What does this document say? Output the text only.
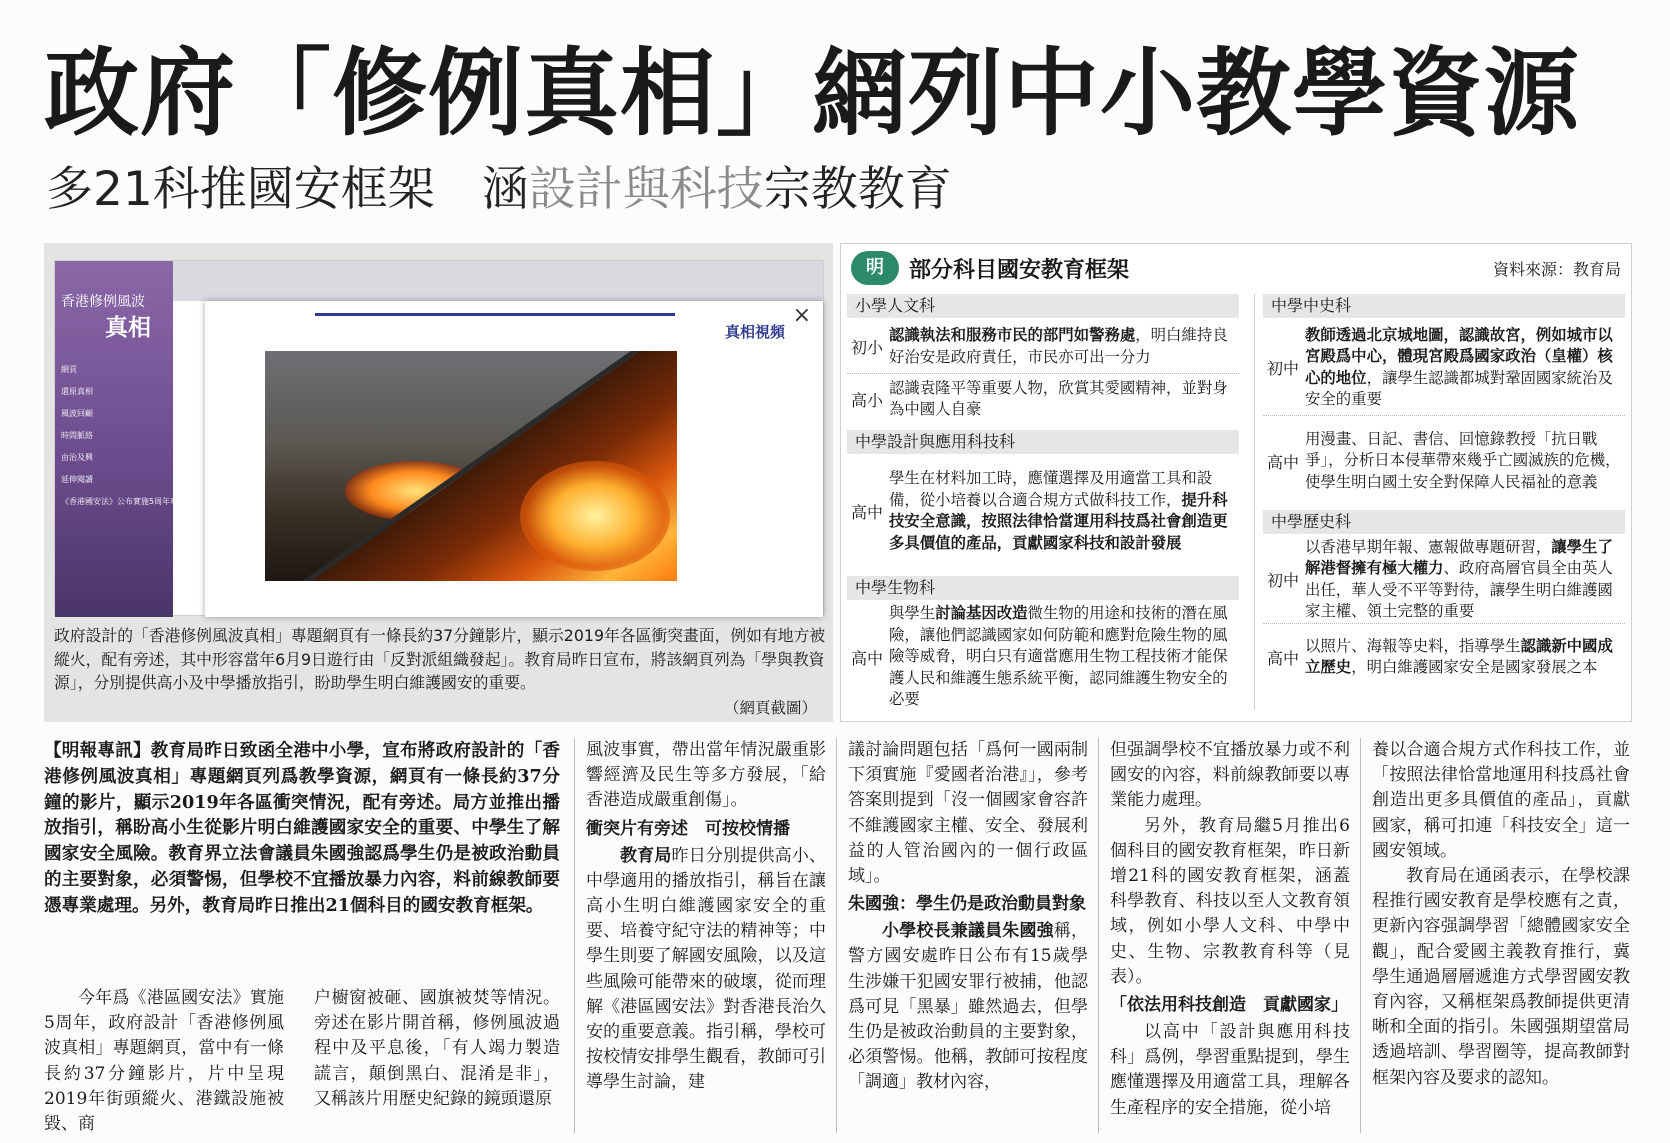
政府「修例真相」網列中小教學資源
多21科推國安框架　涵設計與科技宗教教育
香港修例風波
真相
網頁
還原真相
風波回顧
時間脈絡
由治及興
延伸閱讀
《香港國安法》公布實施5周年專題展覽
真相視頻
×
政府設計的「香港修例風波真相」專題網頁有一條長約37分鐘影片，顯示2019年各區衝突畫面，例如有地方被縱火，配有旁述，其中形容當年6月9日遊行由「反對派組織發起」。教育局昨日宣布，將該網頁列為「學與教資源」，分別提供高小及中學播放指引，盼助學生明白維護國安的重要。
（網頁截圖）
明	部分科目國安教育框架	資料來源：教育局
小學人文科
初小
認識執法和服務市民的部門如警務處，明白維持良好治安是政府責任，市民亦可出一分力
高小
認識袁隆平等重要人物，欣賞其愛國精神，並對身為中國人自豪
中學設計與應用科技科
高中
學生在材料加工時，應懂選擇及用適當工具和設備，從小培養以合適合規方式做科技工作，提升科技安全意識，按照法律恰當運用科技爲社會創造更多具價值的產品，貢獻國家科技和設計發展
中學生物科
高中
與學生討論基因改造微生物的用途和技術的潛在風險，讓他們認識國家如何防範和應對危險生物的風險等威脅，明白只有適當應用生物工程技術才能保護人民和維護生態系統平衡，認同維護生物安全的必要
中學中史科
初中
教師透過北京城地圖，認識故宮，例如城市以宮殿爲中心，體現宮殿爲國家政治（皇權）核心的地位，讓學生認識都城對鞏固國家統治及安全的重要
高中
用漫畫、日記、書信、回憶錄教授「抗日戰爭」，分析日本侵華帶來幾乎亡國滅族的危機，使學生明白國土安全對保障人民福祉的意義
中學歷史科
初中
以香港早期年報、憲報做專題研習，讓學生了解港督擁有極大權力、政府高層官員全由英人出任，華人受不平等對待，讓學生明白維護國家主權、領土完整的重要
高中
以照片、海報等史料，指導學生認識新中國成立歷史，明白維護國家安全是國家發展之本
【明報專訊】教育局昨日致函全港中小學，宣布將政府設計的「香港修例風波真相」專題網頁列爲教學資源，網頁有一條長約37分鐘的影片，顯示2019年各區衝突情況，配有旁述。局方並推出播放指引，稱盼高小生從影片明白維護國家安全的重要、中學生了解國家安全風險。教育界立法會議員朱國強認爲學生仍是被政治動員的主要對象，必須警惕，但學校不宜播放暴力內容，料前線教師要憑專業處理。另外，教育局昨日推出21個科目的國安教育框架。

今年爲《港區國安法》實施5周年，政府設計「香港修例風波真相」專題網頁，當中有一條長約37分鐘影片，片中呈現2019年街頭縱火、港鐵設施被毀、商

户櫥窗被砸、國旗被焚等情況。旁述在影片開首稱，修例風波過程中及平息後，「有人竭力製造謊言，顛倒黑白、混淆是非」，又稱該片用歷史紀錄的鏡頭還原

風波事實，帶出當年情況嚴重影響經濟及民生等多方發展，「給香港造成嚴重創傷」。

衝突片有旁述　可按校情播

教育局昨日分別提供高小、中學適用的播放指引，稱旨在讓高小生明白維護國家安全的重要、培養守紀守法的精神等；中學生則要了解國安風險，以及這些風險可能帶來的破壞，從而理解《港區國安法》對香港長治久安的重要意義。指引稱，學校可按校情安排學生觀看，教師可引導學生討論，建

議討論問題包括「爲何一國兩制下須實施『愛國者治港』」，參考答案則提到「沒一個國家會容許不維護國家主權、安全、發展利益的人管治國內的一個行政區域」。

朱國強：學生仍是政治動員對象

小學校長兼議員朱國強稱，警方國安處昨日公布有15歲學生涉嫌干犯國安罪行被捕，他認爲可見「黑暴」雖然過去，但學生仍是被政治動員的主要對象，必須警惕。他稱，教師可按程度「調適」教材內容，

但强調學校不宜播放暴力或不利國安的內容，料前線教師要以專業能力處理。

另外，教育局繼5月推出6個科目的國安教育框架，昨日新增21科的國安教育框架，涵蓋科學教育、科技以至人文教育領域，例如小學人文科、中學中史、生物、宗教教育科等（見表）。

「依法用科技創造　貢獻國家」

以高中「設計與應用科技科」爲例，學習重點提到，學生應懂選擇及用適當工具，理解各生產程序的安全措施，從小培

養以合適合規方式作科技工作，並「按照法律恰當地運用科技爲社會創造出更多具價值的產品」，貢獻國家，稱可扣連「科技安全」這一國安領域。

教育局在通函表示，在學校課程推行國安教育是學校應有之責，更新內容强調學習「總體國家安全觀」，配合愛國主義教育推行，冀學生通過層層遞進方式學習國安教育內容，又稱框架爲教師提供更清晰和全面的指引。朱國强期望當局透過培訓、學習圈等，提高教師對框架內容及要求的認知。
